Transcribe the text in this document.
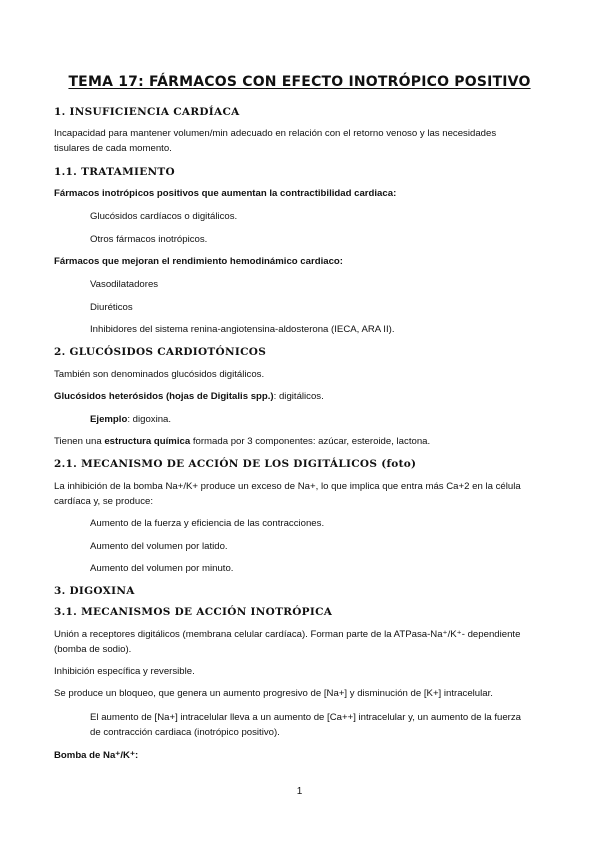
TEMA 17: FÁRMACOS CON EFECTO INOTRÓPICO POSITIVO
1. INSUFICIENCIA CARDÍACA
Incapacidad para mantener volumen/min adecuado en relación con el retorno venoso y las necesidades
tisulares de cada momento.
1.1. TRATAMIENTO
Fármacos inotrópicos positivos que aumentan la contractibilidad cardiaca:
Glucósidos cardíacos o digitálicos.
Otros fármacos inotrópicos.
Fármacos que mejoran el rendimiento hemodinámico cardiaco:
Vasodilatadores
Diuréticos
Inhibidores del sistema renina-angiotensina-aldosterona (IECA, ARA II).
2. GLUCÓSIDOS CARDIOTÓNICOS
También son denominados glucósidos digitálicos.
Glucósidos heterósidos (hojas de Digitalis spp.): digitálicos.
Ejemplo: digoxina.
Tienen una estructura química formada por 3 componentes: azúcar, esteroide, lactona.
2.1. MECANISMO DE ACCIÓN DE LOS DIGITÁLICOS (foto)
La inhibición de la bomba Na+/K+ produce un exceso de Na+, lo que implica que entra más Ca+2 en la célula
cardíaca y, se produce:
Aumento de la fuerza y eficiencia de las contracciones.
Aumento del volumen por latido.
Aumento del volumen por minuto.
3. DIGOXINA
3.1. MECANISMOS DE ACCIÓN INOTRÓPICA
Unión a receptores digitálicos (membrana celular cardíaca). Forman parte de la ATPasa-Na⁺/K⁺- dependiente
(bomba de sodio).
Inhibición específica y reversible.
Se produce un bloqueo, que genera un aumento progresivo de [Na+] y disminución de [K+] intracelular.
El aumento de [Na+] intracelular lleva a un aumento de [Ca++] intracelular y, un aumento de la fuerza
de contracción cardiaca (inotrópico positivo).
Bomba de Na⁺/K⁺:
1
